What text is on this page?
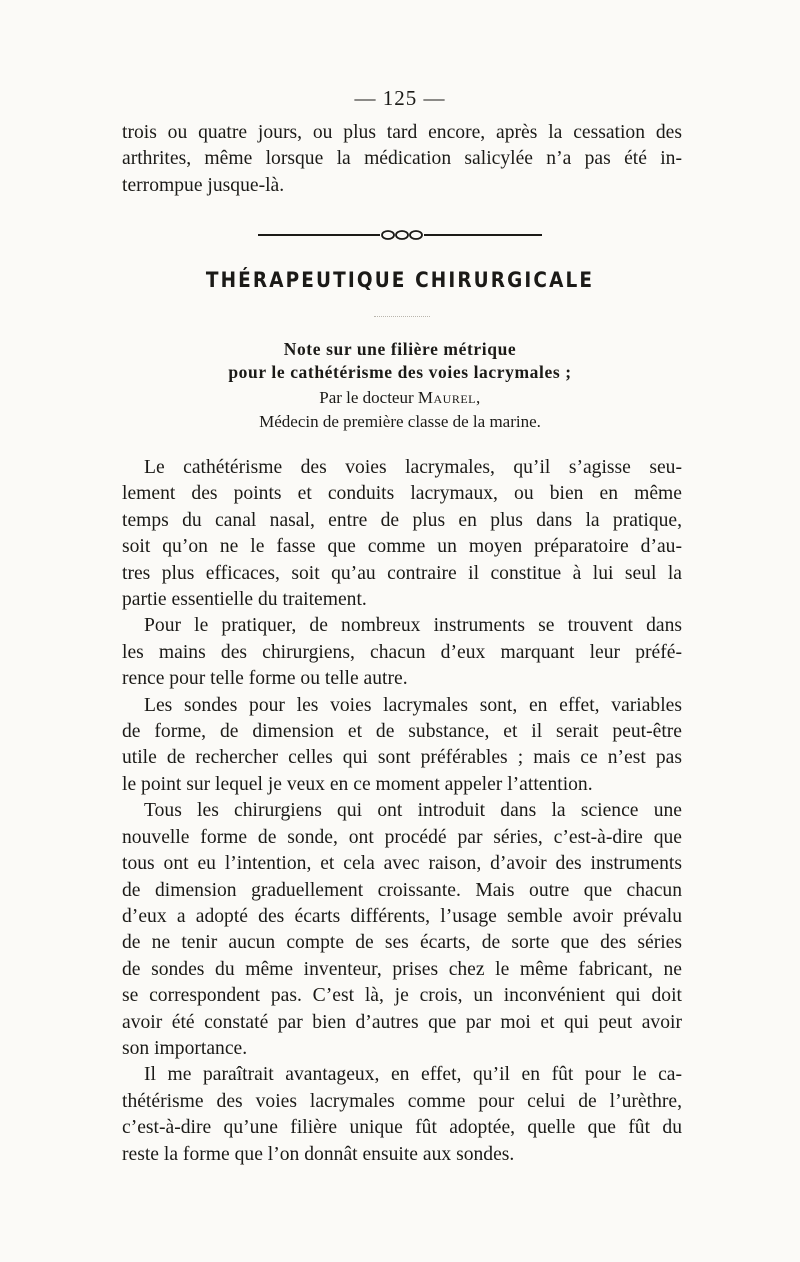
— 125 —

trois ou quatre jours, ou plus tard encore, après la cessation des
arthrites, même lorsque la médication salicylée n’a pas été in-
terrompue jusque-là.

THÉRAPEUTIQUE CHIRURGICALE
Note sur une filière métrique
pour le cathétérisme des voies lacrymales ;
Par le docteur Maurel,
Médecin de première classe de la marine.

Le cathétérisme des voies lacrymales, qu’il s’agisse seu-
lement des points et conduits lacrymaux, ou bien en même
temps du canal nasal, entre de plus en plus dans la pratique,
soit qu’on ne le fasse que comme un moyen préparatoire d’au-
tres plus efficaces, soit qu’au contraire il constitue à lui seul la
partie essentielle du traitement.

Pour le pratiquer, de nombreux instruments se trouvent dans
les mains des chirurgiens, chacun d’eux marquant leur préfé-
rence pour telle forme ou telle autre.

Les sondes pour les voies lacrymales sont, en effet, variables
de forme, de dimension et de substance, et il serait peut-être
utile de rechercher celles qui sont préférables ; mais ce n’est pas
le point sur lequel je veux en ce moment appeler l’attention.

Tous les chirurgiens qui ont introduit dans la science une
nouvelle forme de sonde, ont procédé par séries, c’est-à-dire que
tous ont eu l’intention, et cela avec raison, d’avoir des instruments
de dimension graduellement croissante. Mais outre que chacun
d’eux a adopté des écarts différents, l’usage semble avoir prévalu
de ne tenir aucun compte de ses écarts, de sorte que des séries
de sondes du même inventeur, prises chez le même fabricant, ne
se correspondent pas. C’est là, je crois, un inconvénient qui doit
avoir été constaté par bien d’autres que par moi et qui peut avoir
son importance.

Il me paraîtrait avantageux, en effet, qu’il en fût pour le ca-
thétérisme des voies lacrymales comme pour celui de l’urèthre,
c’est-à-dire qu’une filière unique fût adoptée, quelle que fût du
reste la forme que l’on donnât ensuite aux sondes.
